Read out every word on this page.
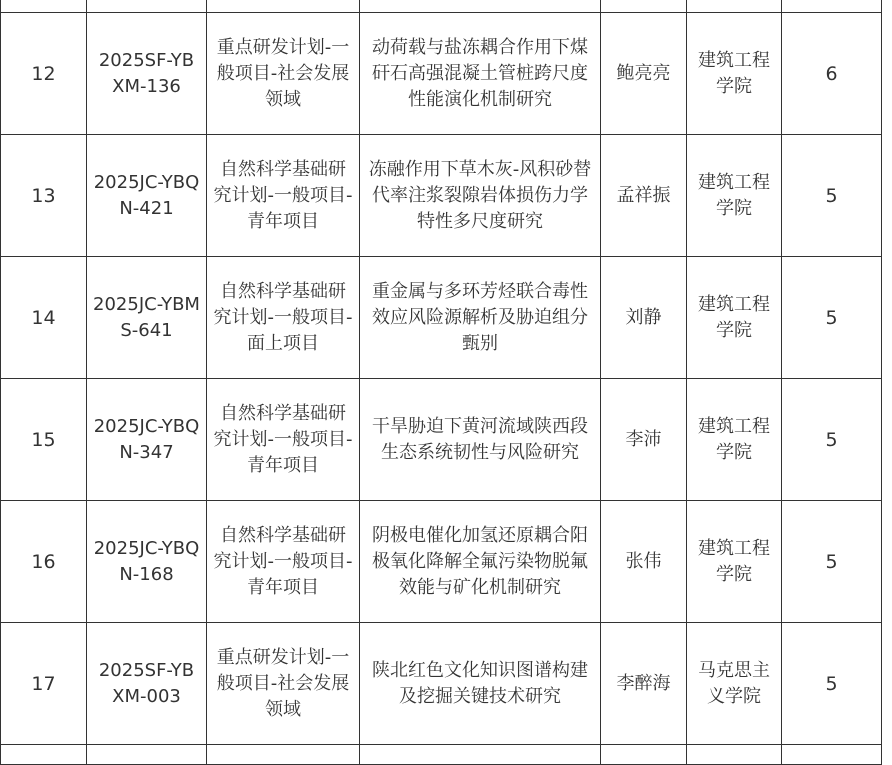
12	2025SF-YBXM-136	重点研发计划-一般项目-社会发展领域	动荷载与盐冻耦合作用下煤矸石高强混凝土管桩跨尺度性能演化机制研究	鲍亮亮	建筑工程学院	6
13	2025JC-YBQN-421	自然科学基础研究计划-一般项目-青年项目	冻融作用下草木灰-风积砂替代率注浆裂隙岩体损伤力学特性多尺度研究	孟祥振	建筑工程学院	5
14	2025JC-YBMS-641	自然科学基础研究计划-一般项目-面上项目	重金属与多环芳烃联合毒性效应风险源解析及胁迫组分甄别	刘静	建筑工程学院	5
15	2025JC-YBQN-347	自然科学基础研究计划-一般项目-青年项目	干旱胁迫下黄河流域陕西段生态系统韧性与风险研究	李沛	建筑工程学院	5
16	2025JC-YBQN-168	自然科学基础研究计划-一般项目-青年项目	阴极电催化加氢还原耦合阳极氧化降解全氟污染物脱氟效能与矿化机制研究	张伟	建筑工程学院	5
17	2025SF-YBXM-003	重点研发计划-一般项目-社会发展领域	陕北红色文化知识图谱构建及挖掘关键技术研究	李醉海	马克思主义学院	5
